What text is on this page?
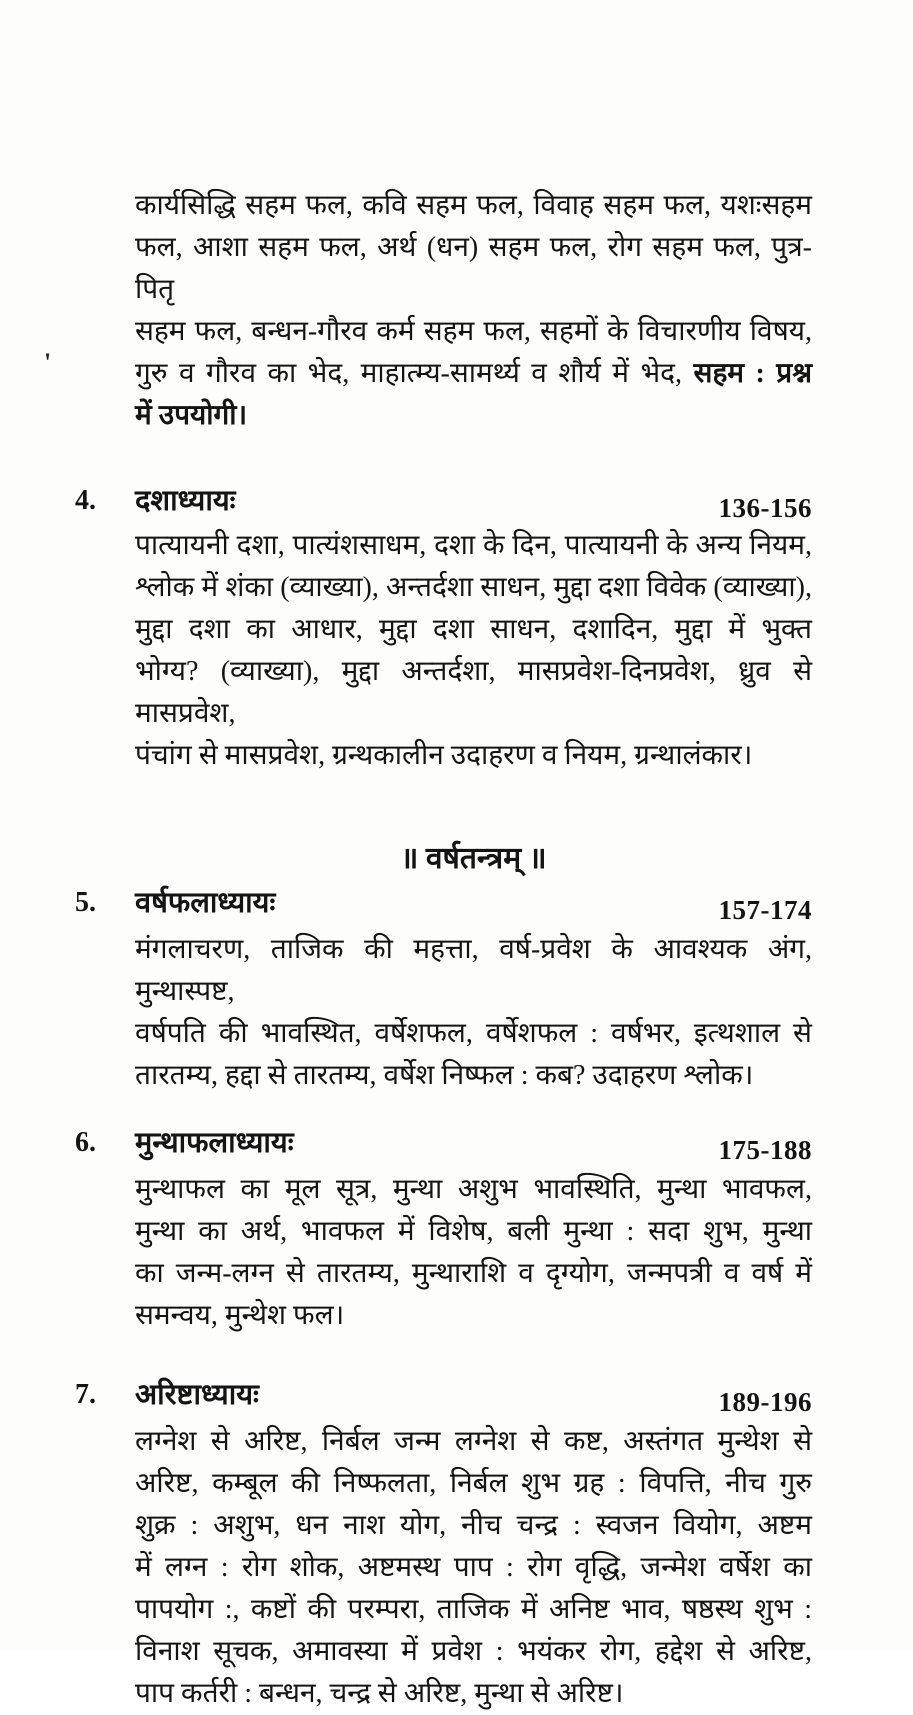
'
कार्यसिद्धि सहम फल, कवि सहम फल, विवाह सहम फल, यशःसहम
फल, आशा सहम फल, अर्थ (धन) सहम फल, रोग सहम फल, पुत्र-पितृ
सहम फल, बन्धन-गौरव कर्म सहम फल, सहमों के विचारणीय विषय,
गुरु व गौरव का भेद, माहात्म्य-सामर्थ्य व शौर्य में भेद, सहम : प्रश्न
में उपयोगी।
4.	दशाध्यायः	136-156
पात्यायनी दशा, पात्यंशसाधम, दशा के दिन, पात्यायनी के अन्य नियम,
श्लोक में शंका (व्याख्या), अन्तर्दशा साधन, मुद्दा दशा विवेक (व्याख्या),
मुद्दा दशा का आधार, मुद्दा दशा साधन, दशादिन, मुद्दा में भुक्त
भोग्य? (व्याख्या), मुद्दा अन्तर्दशा, मासप्रवेश-दिनप्रवेश, ध्रुव से मासप्रवेश,
पंचांग से मासप्रवेश, ग्रन्थकालीन उदाहरण व नियम, ग्रन्थालंकार।
॥ वर्षतन्त्रम् ॥
5.	वर्षफलाध्यायः	157-174
मंगलाचरण, ताजिक की महत्ता, वर्ष-प्रवेश के आवश्यक अंग, मुन्थास्पष्ट,
वर्षपति की भावस्थित, वर्षेशफल, वर्षेशफल : वर्षभर, इत्थशाल से
तारतम्य, हद्दा से तारतम्य, वर्षेश निष्फल : कब? उदाहरण श्लोक।
6.	मुन्थाफलाध्यायः	175-188
मुन्थाफल का मूल सूत्र, मुन्था अशुभ भावस्थिति, मुन्था भावफल,
मुन्था का अर्थ, भावफल में विशेष, बली मुन्था : सदा शुभ, मुन्था
का जन्म-लग्न से तारतम्य, मुन्थाराशि व दृग्योग, जन्मपत्री व वर्ष में
समन्वय, मुन्थेश फल।
7.	अरिष्टाध्यायः	189-196
लग्नेश से अरिष्ट, निर्बल जन्म लग्नेश से कष्ट, अस्तंगत मुन्थेश से
अरिष्ट, कम्बूल की निष्फलता, निर्बल शुभ ग्रह : विपत्ति, नीच गुरु
शुक्र : अशुभ, धन नाश योग, नीच चन्द्र : स्वजन वियोग, अष्टम
में लग्न : रोग शोक, अष्टमस्थ पाप : रोग वृद्धि, जन्मेश वर्षेश का
पापयोग :, कष्टों की परम्परा, ताजिक में अनिष्ट भाव, षष्ठस्थ शुभ :
विनाश सूचक, अमावस्या में प्रवेश : भयंकर रोग, हद्देश से अरिष्ट,
पाप कर्तरी : बन्धन, चन्द्र से अरिष्ट, मुन्था से अरिष्ट।
